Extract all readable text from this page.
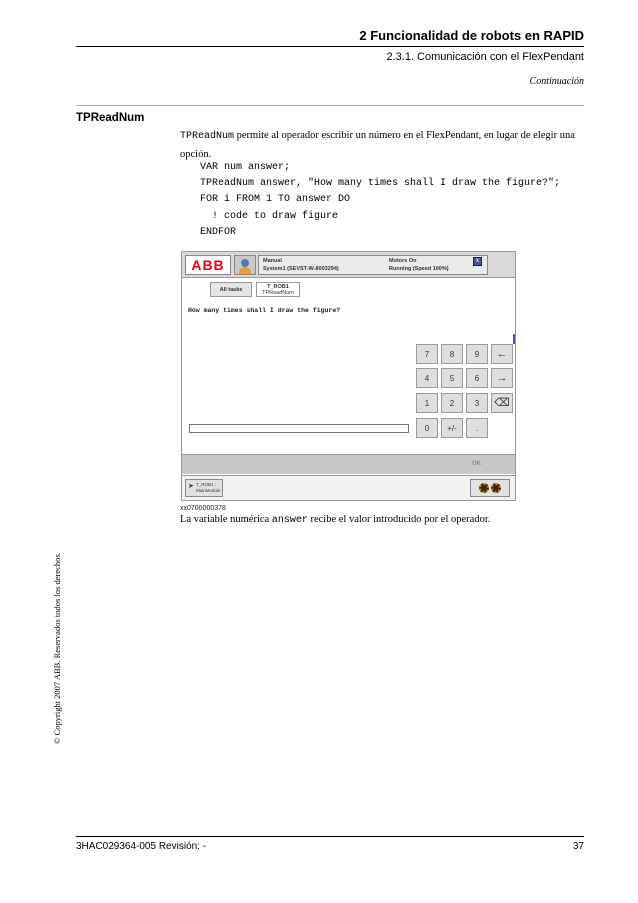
2 Funcionalidad de robots en RAPID
2.3.1. Comunicación con el FlexPendant
Continuación
TPReadNum
TPReadNum permite al operador escribir un número en el FlexPendant, en lugar de elegir una opción.
VAR num answer;
TPReadNum answer, "How many times shall I draw the figure?";
FOR i FROM 1 TO answer DO
! code to draw figure
ENDFOR
ABB	Manual
System1 (SEVST-W-8003294)
Motors On
Running (Speed 100%)
x
All tasks	T_ROB1
TPReadNum
How many times shall I draw the figure?
7	8	9	←
4	5	6	→
1	2	3	⌫
0	+/-	.
OK
➤ T_ROB1 :
MainModule
xx0700000378
La variable numérica answer recibe el valor introducido por el operador.
© Copyright 2007 ABB. Reservados todos los derechos.
3HAC029364-005 Revisión: -	37
